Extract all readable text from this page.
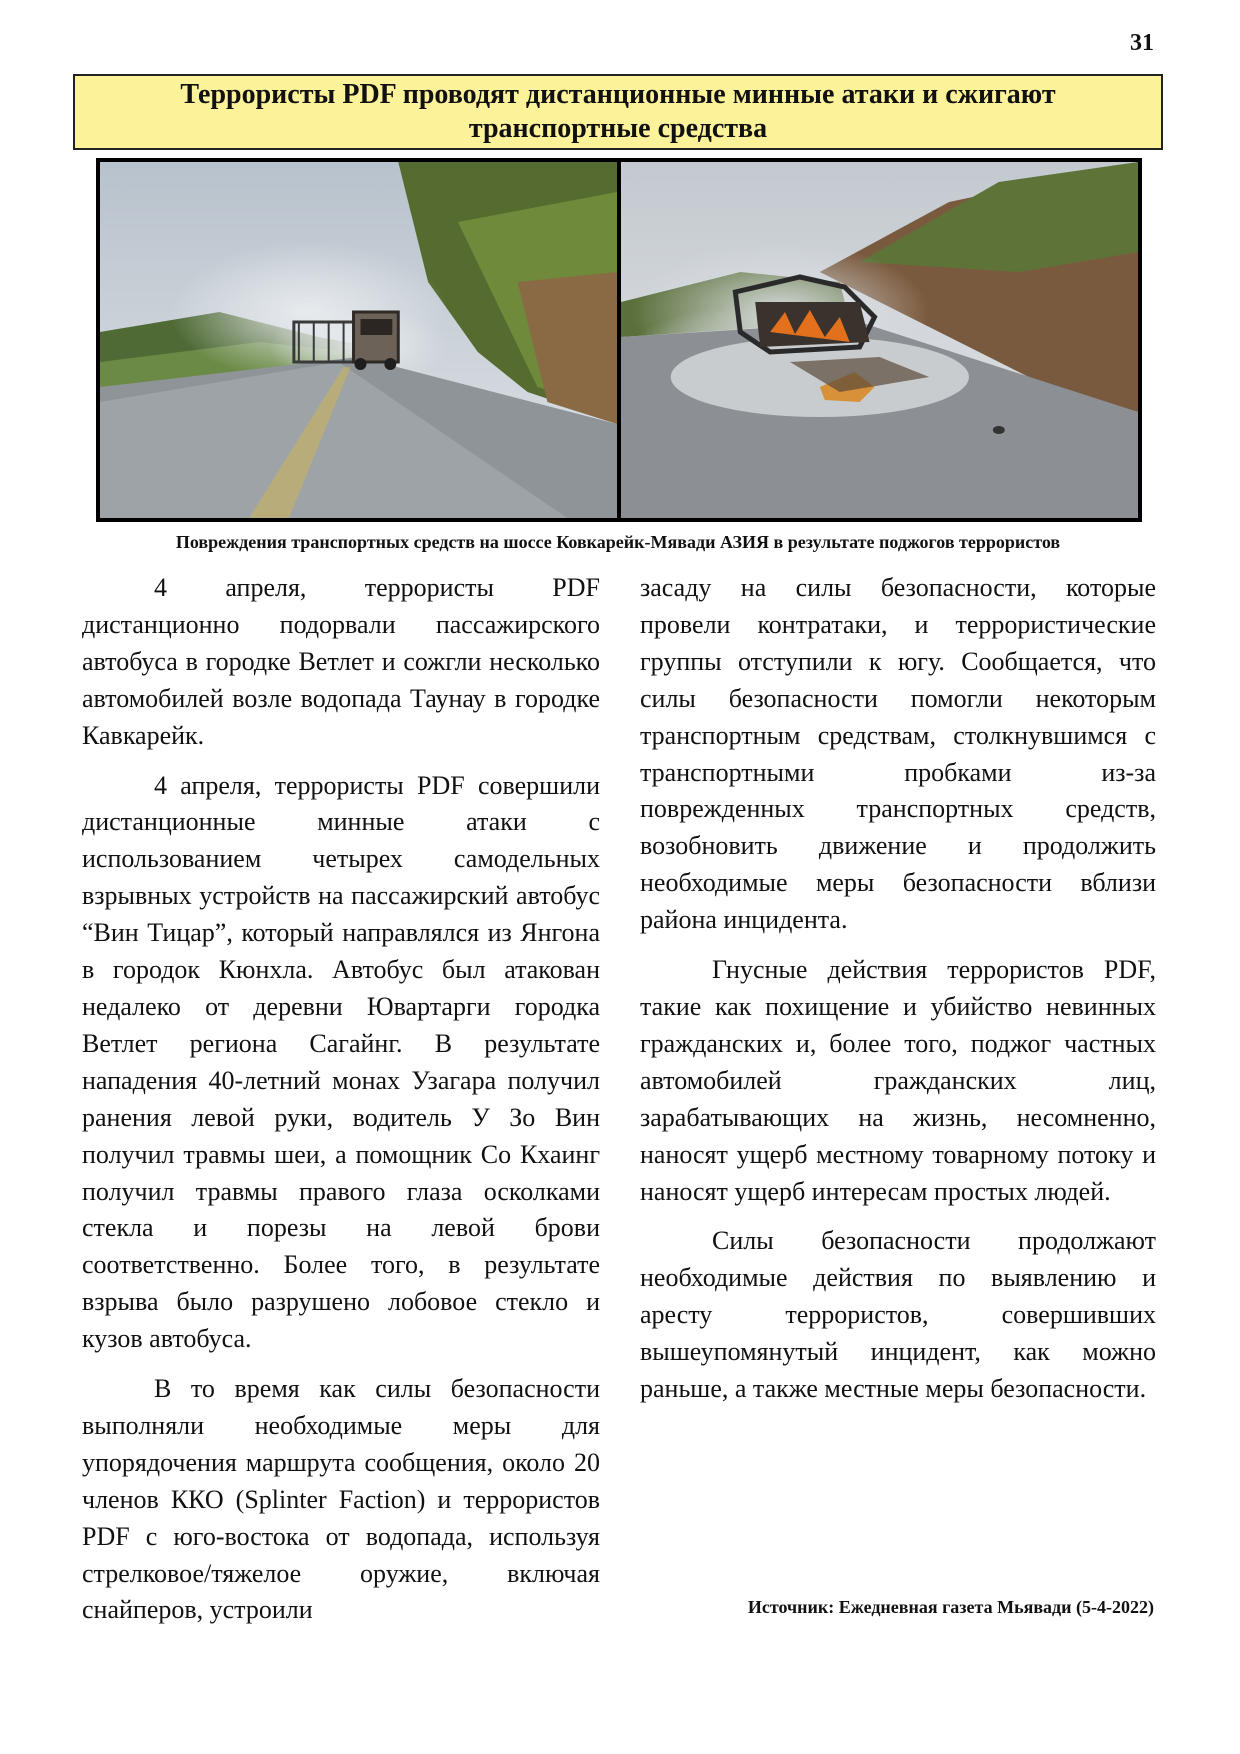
31
Террористы PDF проводят дистанционные минные атаки и сжигают транспортные средства
Повреждения транспортных средств на шоссе Ковкарейк-Мявади АЗИЯ в результате поджогов террористов

4 апреля, террористы PDF дистанционно подорвали пассажирского автобуса в городке Ветлет и сожгли несколько автомобилей возле водопада Таунау в городке Кавкарейк.

4 апреля, террористы PDF совершили дистанционные минные атаки с использованием четырех самодельных взрывных устройств на пассажирский автобус “Вин Тицар”, который направлялся из Янгона в городок Кюнхла. Автобус был атакован недалеко от деревни Ювартарги городка Ветлет региона Сагайнг. В результате нападения 40-летний монах Узагара получил ранения левой руки, водитель У Зо Вин получил травмы шеи, а помощник Со Кхаинг получил травмы правого глаза осколками стекла и порезы на левой брови соответственно. Более того, в результате взрыва было разрушено лобовое стекло и кузов автобуса.

В то время как силы безопасности выполняли необходимые меры для упорядочения маршрута сообщения, около 20 членов ККО (Splinter Faction) и террористов PDF с юго-востока от водопада, используя стрелковое/тяжелое оружие, включая снайперов, устроили

засаду на силы безопасности, которые провели контратаки, и террористические группы отступили к югу. Сообщается, что силы безопасности помогли некоторым транспортным средствам, столкнувшимся с транспортными пробками из-за поврежденных транспортных средств, возобновить движение и продолжить необходимые меры безопасности вблизи района инцидента.

Гнусные действия террористов PDF, такие как похищение и убийство невинных гражданских и, более того, поджог частных автомобилей гражданских лиц, зарабатывающих на жизнь, несомненно, наносят ущерб местному товарному потоку и наносят ущерб интересам простых людей.

Силы безопасности продолжают необходимые действия по выявлению и аресту террористов, совершивших вышеупомянутый инцидент, как можно раньше, а также местные меры безопасности.

Источник: Ежедневная газета Мьявади (5-4-2022)
